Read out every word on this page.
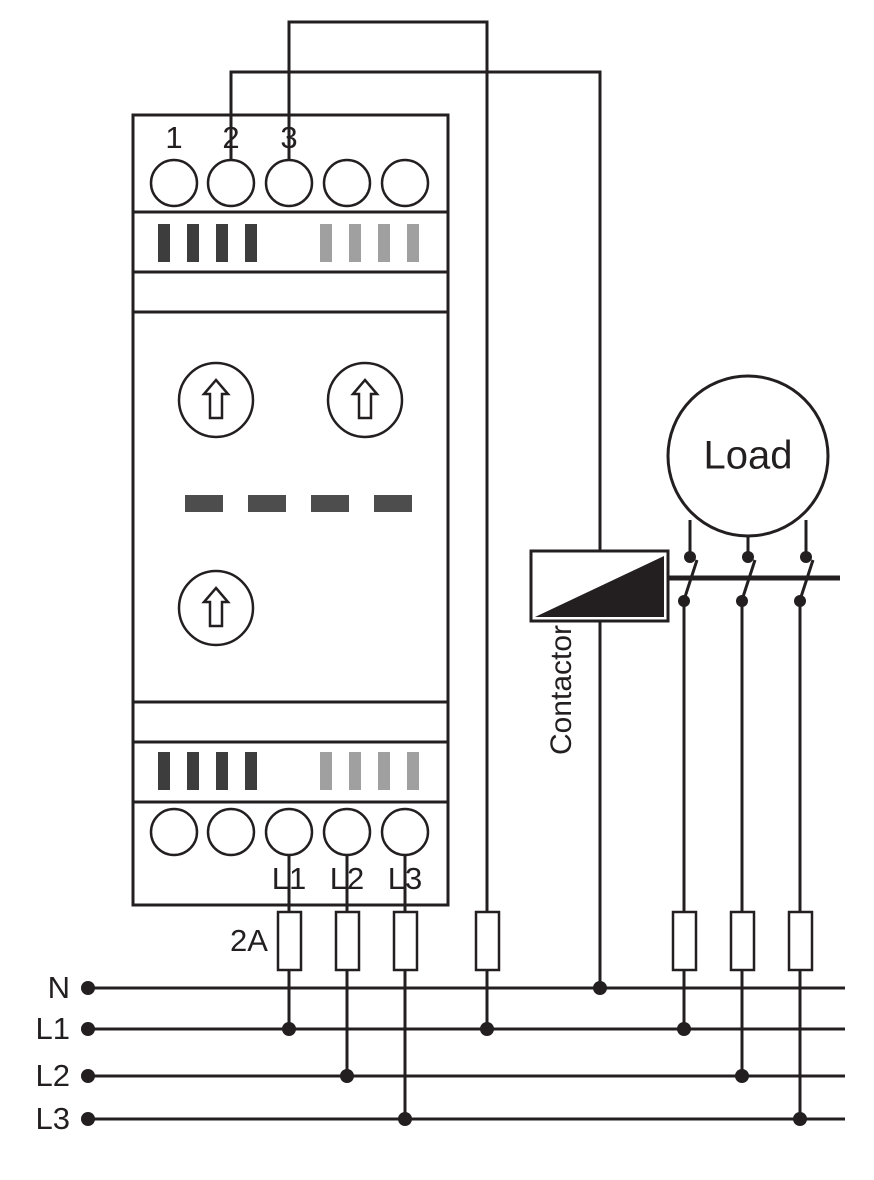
1 2 3
L1 L2 L3
Contactor
Load
2A
N
L1
L2
L3
